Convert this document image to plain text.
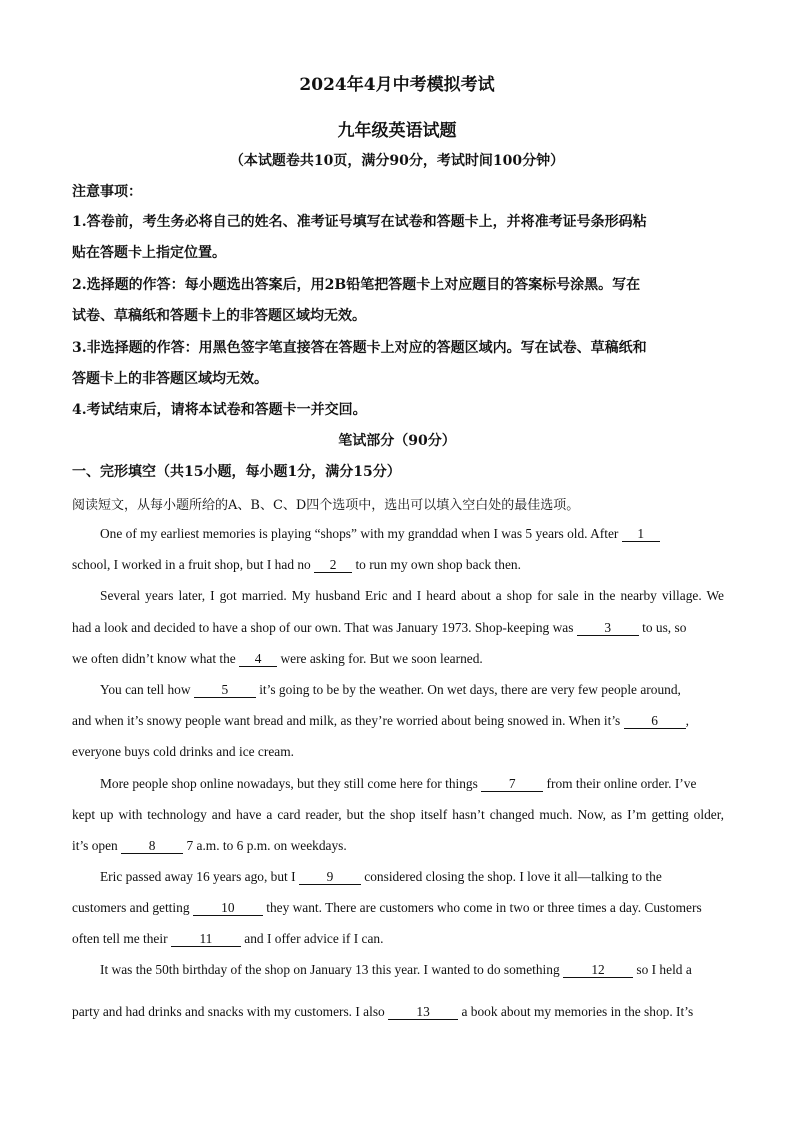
2024年4月中考模拟考试
九年级英语试题
（本试题卷共10页，满分90分，考试时间100分钟）
注意事项：
1.答卷前，考生务必将自己的姓名、准考证号填写在试卷和答题卡上，并将准考证号条形码粘
贴在答题卡上指定位置。
2.选择题的作答：每小题选出答案后，用2B铅笔把答题卡上对应题目的答案标号涂黑。写在
试卷、草稿纸和答题卡上的非答题区域均无效。
3.非选择题的作答：用黑色签字笔直接答在答题卡上对应的答题区域内。写在试卷、草稿纸和
答题卡上的非答题区域均无效。
4.考试结束后，请将本试卷和答题卡一并交回。
笔试部分（90分）
一、完形填空（共15小题，每小题1分，满分15分）
阅读短文，从每小题所给的A、B、C、D四个选项中，选出可以填入空白处的最佳选项。
One of my earliest memories is playing “shops” with my granddad when I was 5 years old. After 1
school, I worked in a fruit shop, but I had no 2 to run my own shop back then.
Several years later, I got married. My husband Eric and I heard about a shop for sale in the nearby village. We
had a look and decided to have a shop of our own. That was January 1973. Shop-keeping was 3 to us, so
we often didn’t know what the 4 were asking for. But we soon learned.
You can tell how 5 it’s going to be by the weather. On wet days, there are very few people around,
and when it’s snowy people want bread and milk, as they’re worried about being snowed in. When it’s 6 ,
everyone buys cold drinks and ice cream.
More people shop online nowadays, but they still come here for things 7 from their online order. I’ve
kept up with technology and have a card reader, but the shop itself hasn’t changed much. Now, as I’m getting older,
it’s open 8 7 a.m. to 6 p.m. on weekdays.
Eric passed away 16 years ago, but I 9 considered closing the shop. I love it all—talking to the
customers and getting 10 they want. There are customers who come in two or three times a day. Customers
often tell me their 11 and I offer advice if I can.
It was the 50th birthday of the shop on January 13 this year. I wanted to do something 12 so I held a
party and had drinks and snacks with my customers. I also 13 a book about my memories in the shop. It’s
